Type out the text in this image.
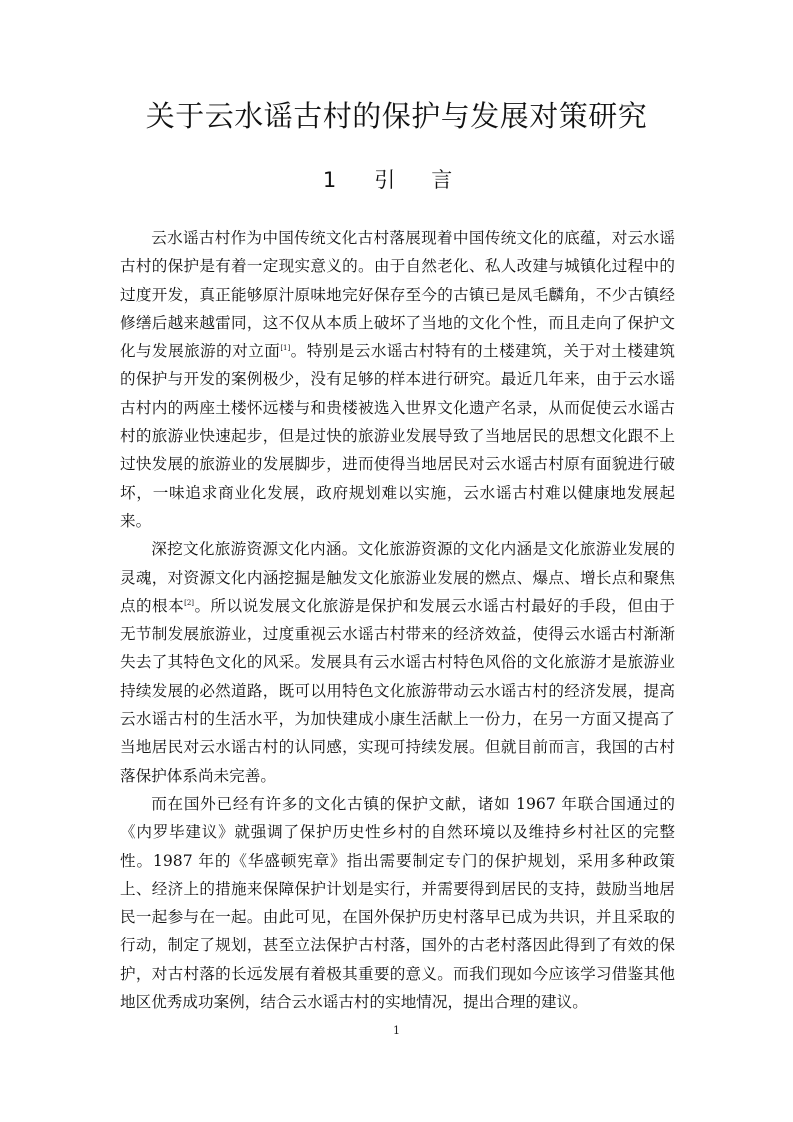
关于云水谣古村的保护与发展对策研究
1 引 言

云水谣古村作为中国传统文化古村落展现着中国传统文化的底蕴，对云水谣古村的保护是有着一定现实意义的。由于自然老化、私人改建与城镇化过程中的过度开发，真正能够原汁原味地完好保存至今的古镇已是凤毛麟角，不少古镇经修缮后越来越雷同，这不仅从本质上破坏了当地的文化个性，而且走向了保护文化与发展旅游的对立面[1]。特别是云水谣古村特有的土楼建筑，关于对土楼建筑的保护与开发的案例极少，没有足够的样本进行研究。最近几年来，由于云水谣古村内的两座土楼怀远楼与和贵楼被选入世界文化遗产名录，从而促使云水谣古村的旅游业快速起步，但是过快的旅游业发展导致了当地居民的思想文化跟不上过快发展的旅游业的发展脚步，进而使得当地居民对云水谣古村原有面貌进行破坏，一味追求商业化发展，政府规划难以实施，云水谣古村难以健康地发展起来。

深挖文化旅游资源文化内涵。文化旅游资源的文化内涵是文化旅游业发展的灵魂，对资源文化内涵挖掘是触发文化旅游业发展的燃点、爆点、增长点和聚焦点的根本[2]。所以说发展文化旅游是保护和发展云水谣古村最好的手段，但由于无节制发展旅游业，过度重视云水谣古村带来的经济效益，使得云水谣古村渐渐失去了其特色文化的风采。发展具有云水谣古村特色风俗的文化旅游才是旅游业持续发展的必然道路，既可以用特色文化旅游带动云水谣古村的经济发展，提高云水谣古村的生活水平，为加快建成小康生活献上一份力，在另一方面又提高了当地居民对云水谣古村的认同感，实现可持续发展。但就目前而言，我国的古村落保护体系尚未完善。

而在国外已经有许多的文化古镇的保护文献，诸如 1967 年联合国通过的《内罗毕建议》就强调了保护历史性乡村的自然环境以及维持乡村社区的完整性。1987 年的《华盛顿宪章》指出需要制定专门的保护规划，采用多种政策上、经济上的措施来保障保护计划是实行，并需要得到居民的支持，鼓励当地居民一起参与在一起。由此可见，在国外保护历史村落早已成为共识，并且采取的行动，制定了规划，甚至立法保护古村落，国外的古老村落因此得到了有效的保护，对古村落的长远发展有着极其重要的意义。而我们现如今应该学习借鉴其他地区优秀成功案例，结合云水谣古村的实地情况，提出合理的建议。

1
